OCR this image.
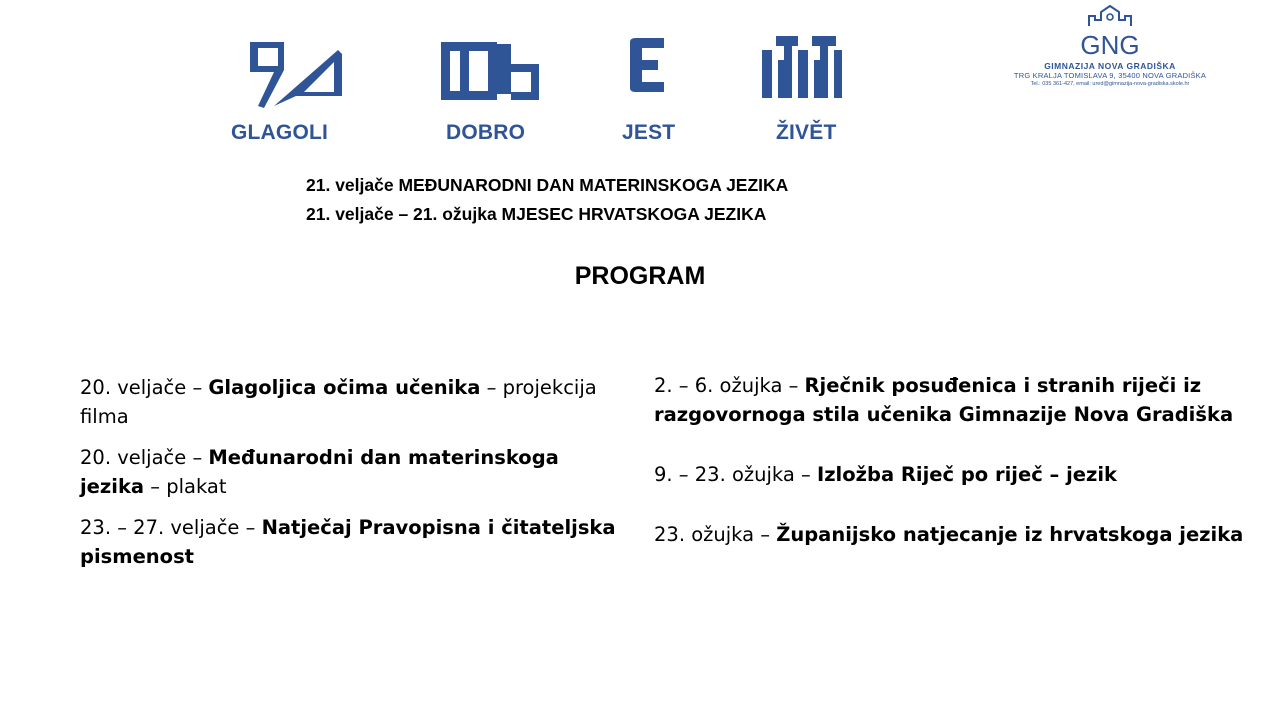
GLAGOLI	DOBRO	JEST	ŽIVĚT
GNG
GIMNAZIJA NOVA GRADIŠKA
TRG KRALJA TOMISLAVA 9, 35400 NOVA GRADIŠKA
Tel.: 035 361-427, email: ured@gimnazija-nova-gradiska.skole.hr
21. veljače MEĐUNARODNI DAN MATERINSKOGA JEZIKA
21. veljače – 21. ožujka MJESEC HRVATSKOGA JEZIKA
PROGRAM
20. veljače – Glagoljica očima učenika – projekcija filma
20. veljače – Međunarodni dan materinskoga jezika – plakat
23. – 27. veljače – Natječaj Pravopisna i čitateljska pismenost
2. – 6. ožujka – Rječnik posuđenica i stranih riječi iz razgovornoga stila učenika Gimnazije Nova Gradiška
9. – 23. ožujka – Izložba Riječ po riječ – jezik
23. ožujka – Županijsko natjecanje iz hrvatskoga jezika
